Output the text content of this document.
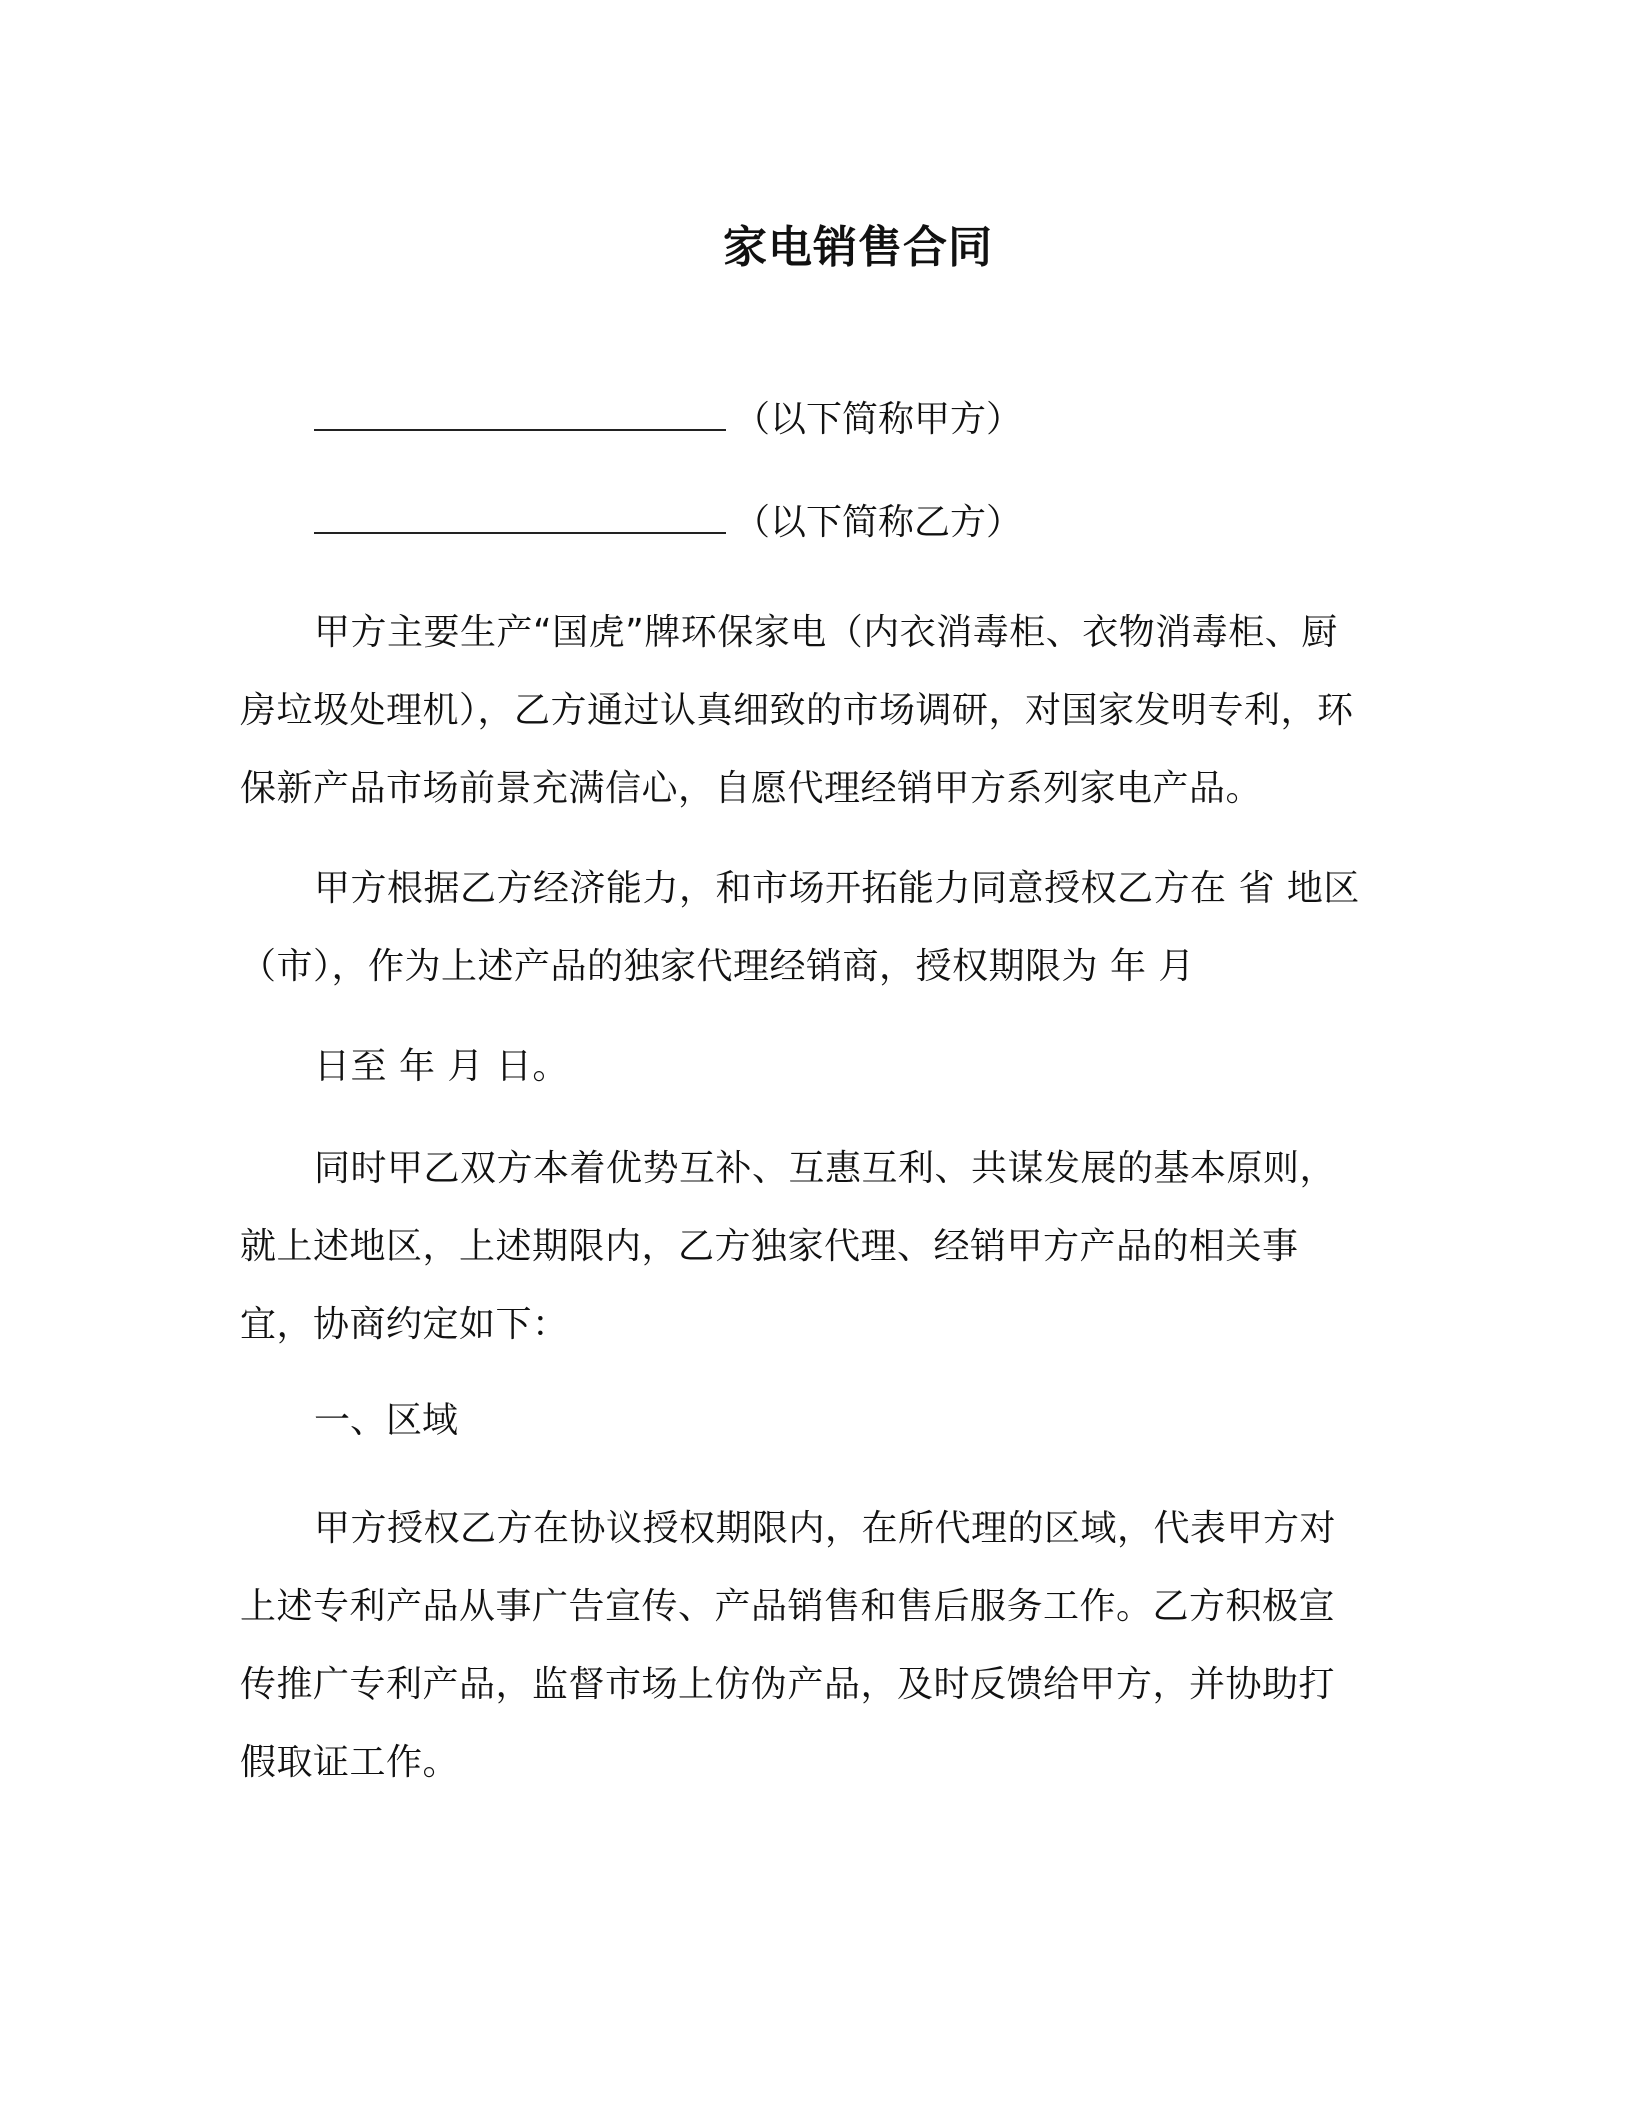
家电销售合同
（以下简称甲方）
（以下简称乙方）

甲方主要生产“国虎”牌环保家电（内衣消毒柜、衣物消毒柜、厨房垃圾处理机），乙方通过认真细致的市场调研，对国家发明专利，环保新产品市场前景充满信心，自愿代理经销甲方系列家电产品。

甲方根据乙方经济能力，和市场开拓能力同意授权乙方在 省 地区（市），作为上述产品的独家代理经销商，授权期限为 年 月

日至 年 月 日。

同时甲乙双方本着优势互补、互惠互利、共谋发展的基本原则，就上述地区，上述期限内，乙方独家代理、经销甲方产品的相关事宜，协商约定如下：

一、区域

甲方授权乙方在协议授权期限内，在所代理的区域，代表甲方对上述专利产品从事广告宣传、产品销售和售后服务工作。乙方积极宣传推广专利产品，监督市场上仿伪产品，及时反馈给甲方，并协助打假取证工作。
